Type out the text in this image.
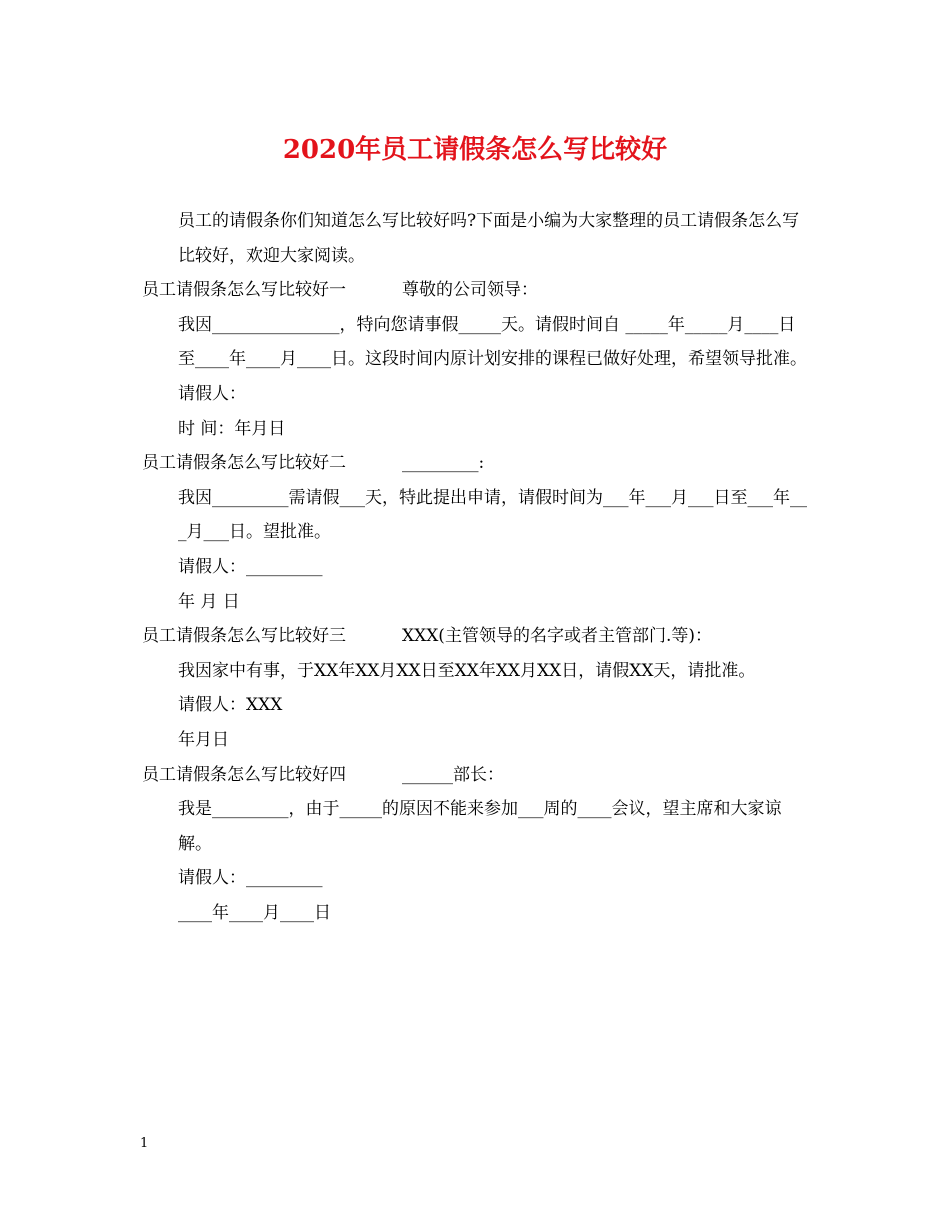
2020年员工请假条怎么写比较好

员工的请假条你们知道怎么写比较好吗?下面是小编为大家整理的员工请假条怎么写比较好，欢迎大家阅读。

员工请假条怎么写比较好一	尊敬的公司领导：

我因_______________，特向您请事假_____天。请假时间自 _____年_____月____日至____年____月____日。这段时间内原计划安排的课程已做好处理，希望领导批准。

请假人：

时 间：年月日

员工请假条怎么写比较好二	_________:

我因_________需请假___天，特此提出申请，请假时间为___年___月___日至___年___月___日。望批准。

请假人：_________

年 月 日

员工请假条怎么写比较好三	XXX(主管领导的名字或者主管部门.等)：

我因家中有事，于XX年XX月XX日至XX年XX月XX日，请假XX天，请批准。

请假人：XXX

年月日

员工请假条怎么写比较好四	______部长：

我是_________，由于_____的原因不能来参加___周的____会议，望主席和大家谅解。

请假人：_________

____年____月____日

1
